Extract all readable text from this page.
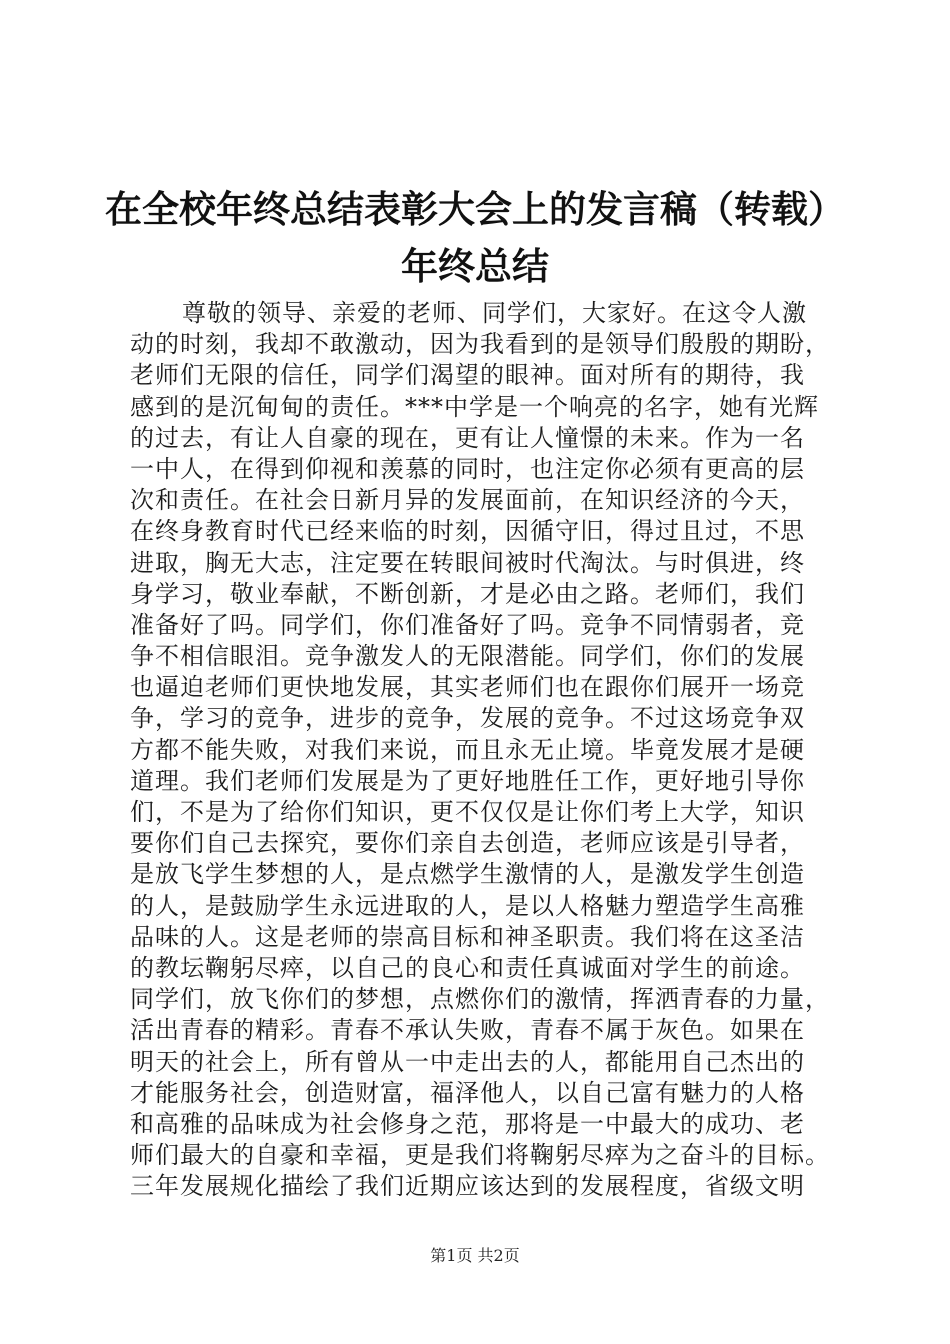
在全校年终总结表彰大会上的发言稿（转载）
年终总结
尊敬的领导、亲爱的老师、同学们，大家好。在这令人激
动的时刻，我却不敢激动，因为我看到的是领导们殷殷的期盼，
老师们无限的信任，同学们渴望的眼神。面对所有的期待，我
感到的是沉甸甸的责任。***中学是一个响亮的名字，她有光辉
的过去，有让人自豪的现在，更有让人憧憬的未来。作为一名
一中人，在得到仰视和羡慕的同时，也注定你必须有更高的层
次和责任。在社会日新月异的发展面前，在知识经济的今天，
在终身教育时代已经来临的时刻，因循守旧，得过且过，不思
进取，胸无大志，注定要在转眼间被时代淘汰。与时俱进，终
身学习，敬业奉献，不断创新，才是必由之路。老师们，我们
准备好了吗。同学们，你们准备好了吗。竞争不同情弱者，竞
争不相信眼泪。竞争激发人的无限潜能。同学们，你们的发展
也逼迫老师们更快地发展，其实老师们也在跟你们展开一场竞
争，学习的竞争，进步的竞争，发展的竞争。不过这场竞争双
方都不能失败，对我们来说，而且永无止境。毕竟发展才是硬
道理。我们老师们发展是为了更好地胜任工作，更好地引导你
们，不是为了给你们知识，更不仅仅是让你们考上大学，知识
要你们自己去探究，要你们亲自去创造，老师应该是引导者，
是放飞学生梦想的人，是点燃学生激情的人，是激发学生创造
的人，是鼓励学生永远进取的人，是以人格魅力塑造学生高雅
品味的人。这是老师的崇高目标和神圣职责。我们将在这圣洁
的教坛鞠躬尽瘁，以自己的良心和责任真诚面对学生的前途。
同学们，放飞你们的梦想，点燃你们的激情，挥洒青春的力量，
活出青春的精彩。青春不承认失败，青春不属于灰色。如果在
明天的社会上，所有曾从一中走出去的人，都能用自己杰出的
才能服务社会，创造财富，福泽他人，以自己富有魅力的人格
和高雅的品味成为社会修身之范，那将是一中最大的成功、老
师们最大的自豪和幸福，更是我们将鞠躬尽瘁为之奋斗的目标。
三年发展规化描绘了我们近期应该达到的发展程度，省级文明
第1页 共2页
